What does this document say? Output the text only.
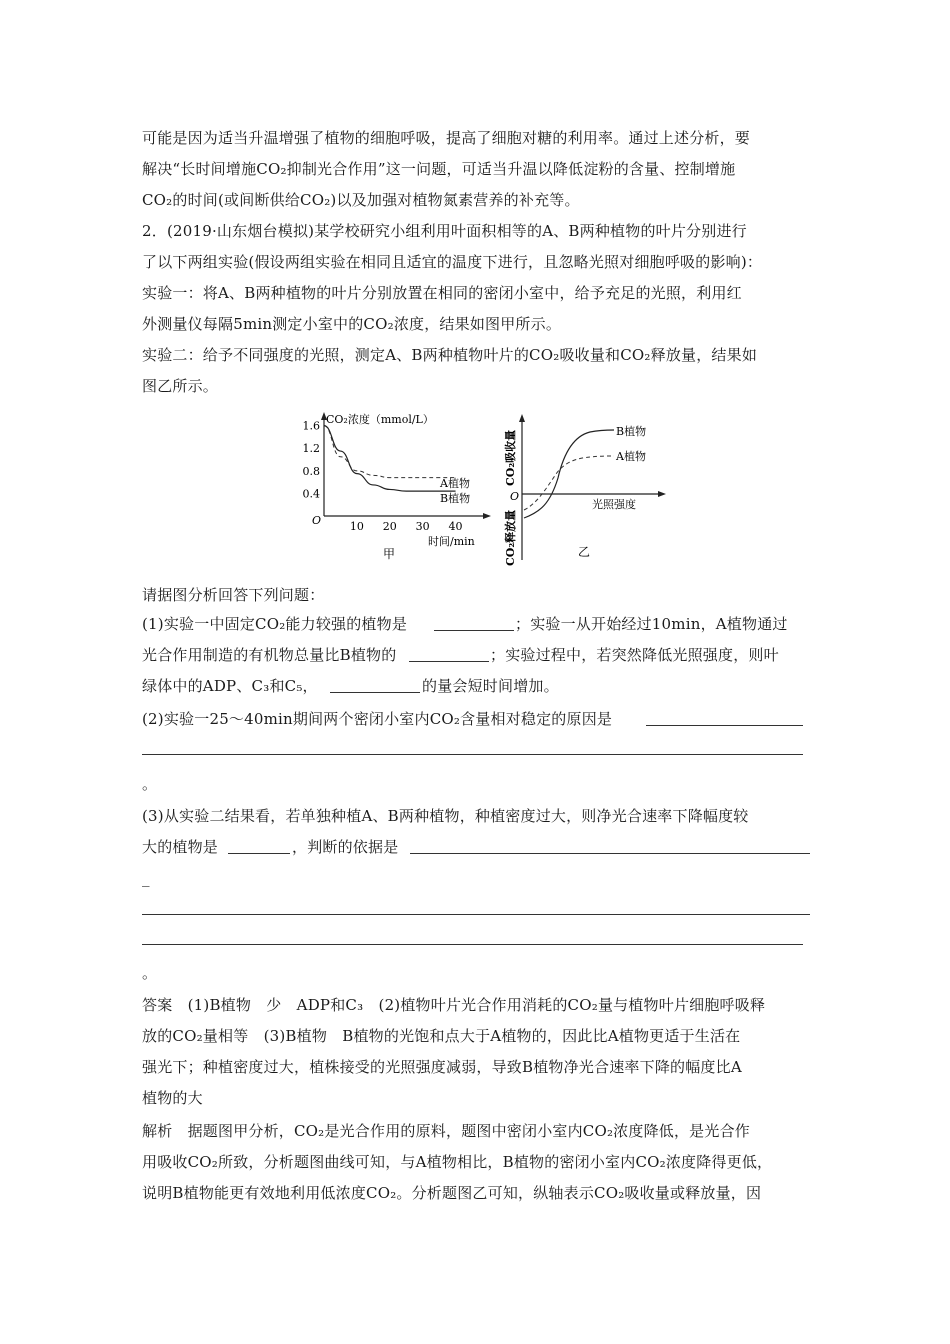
可能是因为适当升温增强了植物的细胞呼吸，提高了细胞对糖的利用率。通过上述分析，要
解决“长时间增施CO₂抑制光合作用”这一问题，可适当升温以降低淀粉的含量、控制增施
CO₂的时间(或间断供给CO₂)以及加强对植物氮素营养的补充等。
2．(2019·山东烟台模拟)某学校研究小组利用叶面积相等的A、B两种植物的叶片分别进行
了以下两组实验(假设两组实验在相同且适宜的温度下进行，且忽略光照对细胞呼吸的影响)：
实验一：将A、B两种植物的叶片分别放置在相同的密闭小室中，给予充足的光照，利用红
外测量仪每隔5min测定小室中的CO₂浓度，结果如图甲所示。
实验二：给予不同强度的光照，测定A、B两种植物叶片的CO₂吸收量和CO₂释放量，结果如
图乙所示。
CO₂浓度（mmol/L）
O
1.6
1.2
0.8
0.4
10 20 30 40
A植物
B植物
时间/min
甲
CO₂吸收量
CO₂释放量
O
B植物
A植物
光照强度
乙
请据图分析回答下列问题：
(1)实验一中固定CO₂能力较强的植物是	；实验一从开始经过10min，A植物通过
光合作用制造的有机物总量比B植物的	；实验过程中，若突然降低光照强度，则叶
绿体中的ADP、C₃和C₅，	的量会短时间增加。
(2)实验一25～40min期间两个密闭小室内CO₂含量相对稳定的原因是
。
(3)从实验二结果看，若单独种植A、B两种植物，种植密度过大，则净光合速率下降幅度较
大的植物是	，判断的依据是
_
。
答案　(1)B植物　少　ADP和C₃　(2)植物叶片光合作用消耗的CO₂量与植物叶片细胞呼吸释
放的CO₂量相等　(3)B植物　B植物的光饱和点大于A植物的，因此比A植物更适于生活在
强光下；种植密度过大，植株接受的光照强度减弱，导致B植物净光合速率下降的幅度比A
植物的大
解析　据题图甲分析，CO₂是光合作用的原料，题图中密闭小室内CO₂浓度降低，是光合作
用吸收CO₂所致，分析题图曲线可知，与A植物相比，B植物的密闭小室内CO₂浓度降得更低，
说明B植物能更有效地利用低浓度CO₂。分析题图乙可知，纵轴表示CO₂吸收量或释放量，因
